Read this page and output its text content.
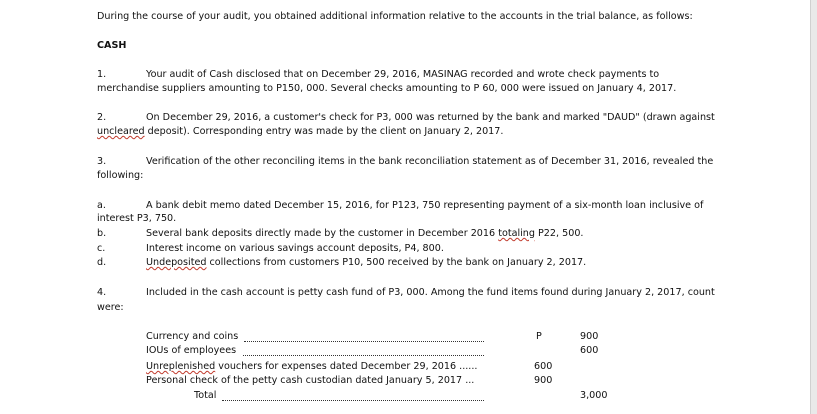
During the course of your audit, you obtained additional information relative to the accounts in the trial balance, as follows:
CASH
1.	Your audit of Cash disclosed that on December 29, 2016, MASINAG recorded and wrote check payments to
merchandise suppliers amounting to P150, 000. Several checks amounting to P 60, 000 were issued on January 4, 2017.
2.	On December 29, 2016, a customer's check for P3, 000 was returned by the bank and marked "DAUD" (drawn against
uncleared deposit). Corresponding entry was made by the client on January 2, 2017.
3.	Verification of the other reconciling items in the bank reconciliation statement as of December 31, 2016, revealed the
following:
a.	A bank debit memo dated December 15, 2016, for P123, 750 representing payment of a six-month loan inclusive of
interest P3, 750.
b.	Several bank deposits directly made by the customer in December 2016 totaling P22, 500.
c.	Interest income on various savings account deposits, P4, 800.
d.	Undeposited collections from customers P10, 500 received by the bank on January 2, 2017.
4.	Included in the cash account is petty cash fund of P3, 000. Among the fund items found during January 2, 2017, count
were:
Currency and coins	P	900
IOUs of employees	600
Unreplenished vouchers for expenses dated December 29, 2016 ......	600
Personal check of the petty cash custodian dated January 5, 2017 ...	900
Total	3,000
